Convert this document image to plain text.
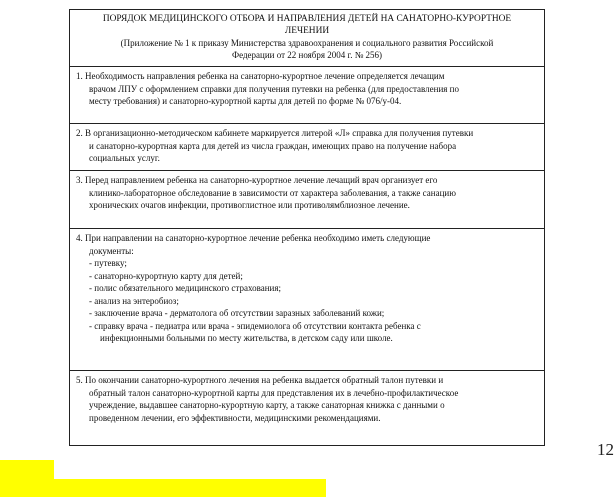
ПОРЯДОК МЕДИЦИНСКОГО ОТБОРА И НАПРАВЛЕНИЯ ДЕТЕЙ НА САНАТОРНО-КУРОРТНОЕ
ЛЕЧЕНИИ
(Приложение № 1 к приказу Министерства здравоохранения и социального развития Российской
Федерации от 22 ноября 2004 г. № 256)
1. Необходимость направления ребенка на санаторно-курортное лечение определяется лечащим
врачом ЛПУ с оформлением справки для получения путевки на ребенка (для предоставления по
месту требования) и санаторно-курортной карты для детей по форме № 076/у-04.
2. В организационно-методическом кабинете маркируется литерой «Л» справка для получения путевки
и санаторно-курортная карта для детей из числа граждан, имеющих право на получение набора
социальных услуг.
3. Перед направлением ребенка на санаторно-курортное лечение лечащий врач организует его
клинико-лабораторное обследование в зависимости от характера заболевания, а также санацию
хронических очагов инфекции, противоглистное или противолямблиозное лечение.
4. При направлении на санаторно-курортное лечение ребенка необходимо иметь следующие
документы:
- путевку;
- санаторно-курортную карту для детей;
- полис обязательного медицинского страхования;
- анализ на энтеробиоз;
- заключение врача - дерматолога об отсутствии заразных заболеваний кожи;
- справку врача - педиатра или врача - эпидемиолога об отсутствии контакта ребенка с
инфекционными больными по месту жительства, в детском саду или школе.
5. По окончании санаторно-курортного лечения на ребенка выдается обратный талон путевки и
обратный талон санаторно-курортной карты для представления их в лечебно-профилактическое
учреждение, выдавшее санаторно-курортную карту, а также санаторная книжка с данными о
проведенном лечении, его эффективности, медицинскими рекомендациями.
12
